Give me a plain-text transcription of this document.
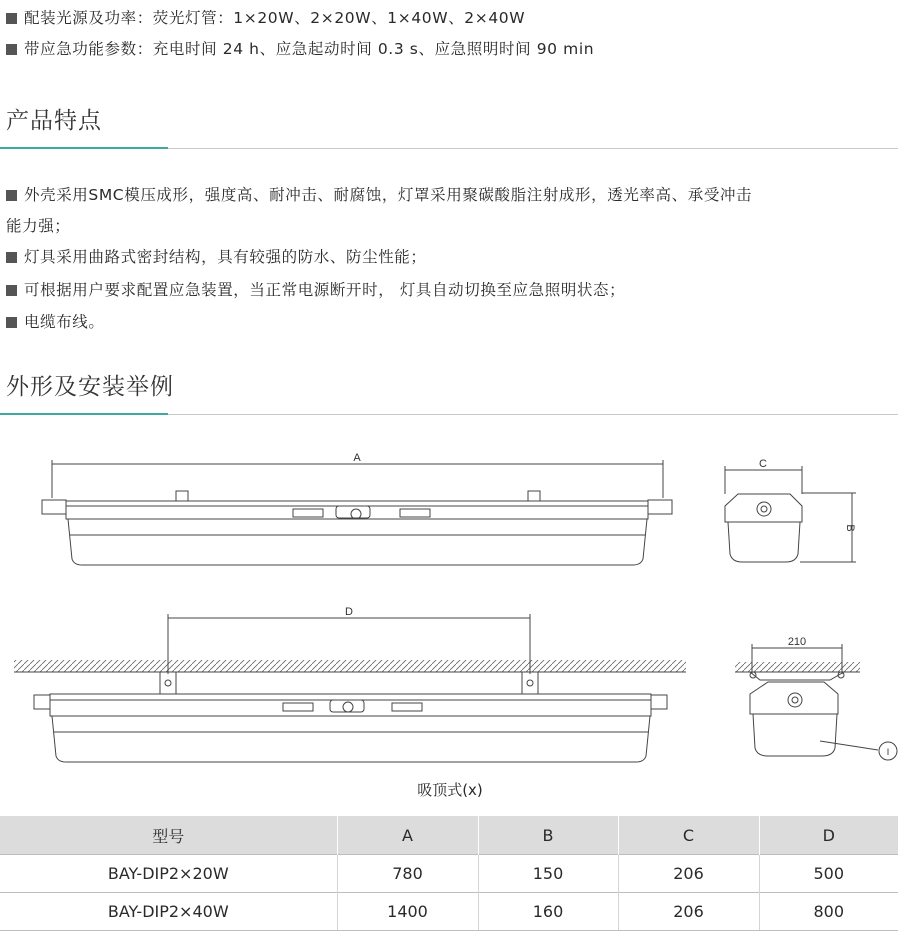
配装光源及功率：荧光灯管：1×20W、2×20W、1×40W、2×40W
带应急功能参数：充电时间 24 h、应急起动时间 0.3 s、应急照明时间 90 min
产品特点
外壳采用SMC模压成形，强度高、耐冲击、耐腐蚀，灯罩采用聚碳酸脂注射成形，透光率高、承受冲击
能力强；
灯具采用曲路式密封结构，具有较强的防水、防尘性能；
可根据用户要求配置应急装置，当正常电源断开时， 灯具自动切换至应急照明状态；
电缆布线。
外形及安装举例
A	C
B
D
210
I
吸顶式(x)
型号	A	B	C	D
BAY-DIP2×20W	780	150	206	500
BAY-DIP2×40W	1400	160	206	800
